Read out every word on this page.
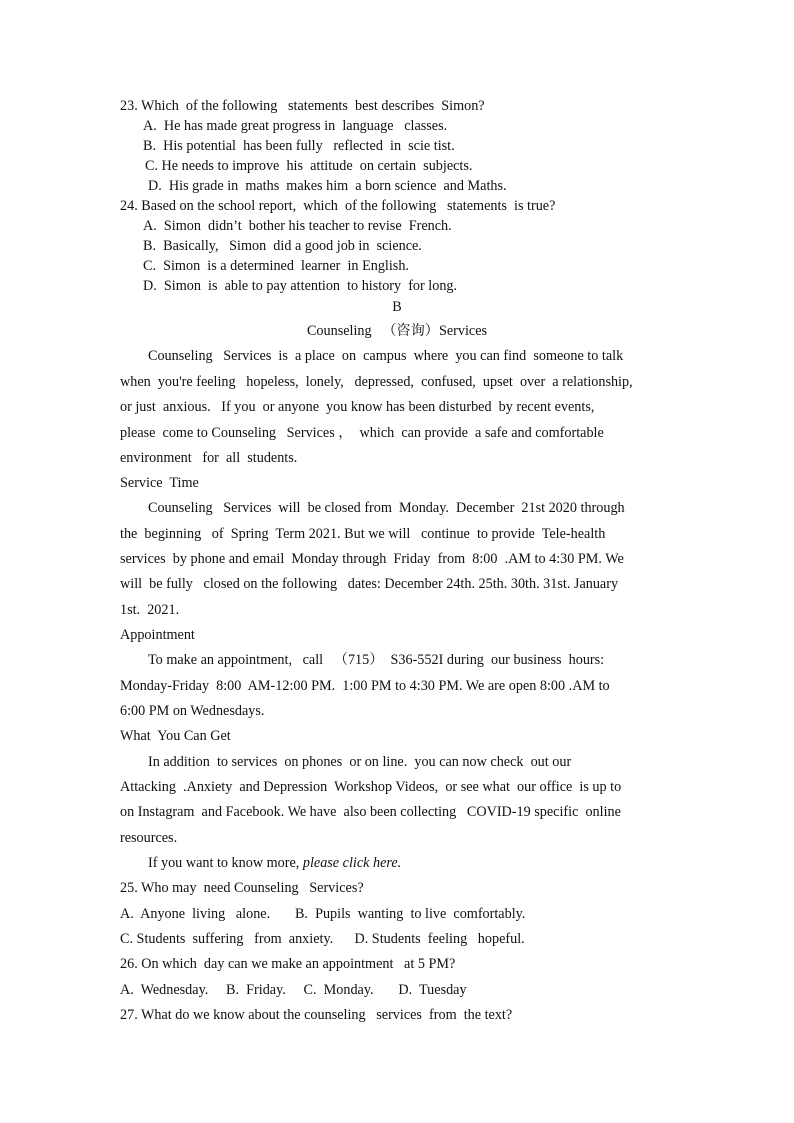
23. Which  of the following   statements  best describes  Simon?
A.  He has made great progress in  language   classes.
B.  His potential  has been fully   reflected  in  scie tist.
C. He needs to improve  his  attitude  on certain  subjects.
D.  His grade in  maths  makes him  a born science  and Maths.
24. Based on the school report,  which  of the following   statements  is true?
A.  Simon  didn’t  bother his teacher to revise  French.
B.  Basically,   Simon  did a good job in  science.
C.  Simon  is a determined  learner  in English.
D.  Simon  is  able to pay attention  to history  for long.
B
Counseling   （咨询）Services
Counseling   Services  is  a place  on  campus  where  you can find  someone to talk
when  you're feeling   hopeless,  lonely,   depressed,  confused,  upset  over  a relationship,
or just  anxious.   If you  or anyone  you know has been disturbed  by recent events,
please  come to Counseling   Services ，  which  can provide  a safe and comfortable
environment   for  all  students.
Service  Time
Counseling   Services  will  be closed from  Monday.  December  21st 2020 through
the  beginning   of  Spring  Term 2021. But we will   continue  to provide  Tele-health
services  by phone and email  Monday through  Friday  from  8:00  .AM to 4:30 PM. We
will  be fully   closed on the following   dates: December 24th. 25th. 30th. 31st. January
1st.  2021.
Appointment
To make an appointment,   call   （715）  S36-552I during  our business  hours:
Monday-Friday  8:00  AM-12:00 PM.  1:00 PM to 4:30 PM. We are open 8:00 .AM to
6:00 PM on Wednesdays.
What  You Can Get
In addition  to services  on phones  or on line.  you can now check  out our
Attacking  .Anxiety  and Depression  Workshop Videos,  or see what  our office  is up to
on Instagram  and Facebook. We have  also been collecting   COVID-19 specific  online
resources.
If you want to know more, please click here.
25. Who may  need Counseling   Services?
A.  Anyone  living   alone.       B.  Pupils  wanting  to live  comfortably.
C. Students  suffering   from  anxiety.      D. Students  feeling   hopeful.
26. On which  day can we make an appointment   at 5 PM?
A.  Wednesday.     B.  Friday.     C.  Monday.       D.  Tuesday
27. What do we know about the counseling   services  from  the text?
